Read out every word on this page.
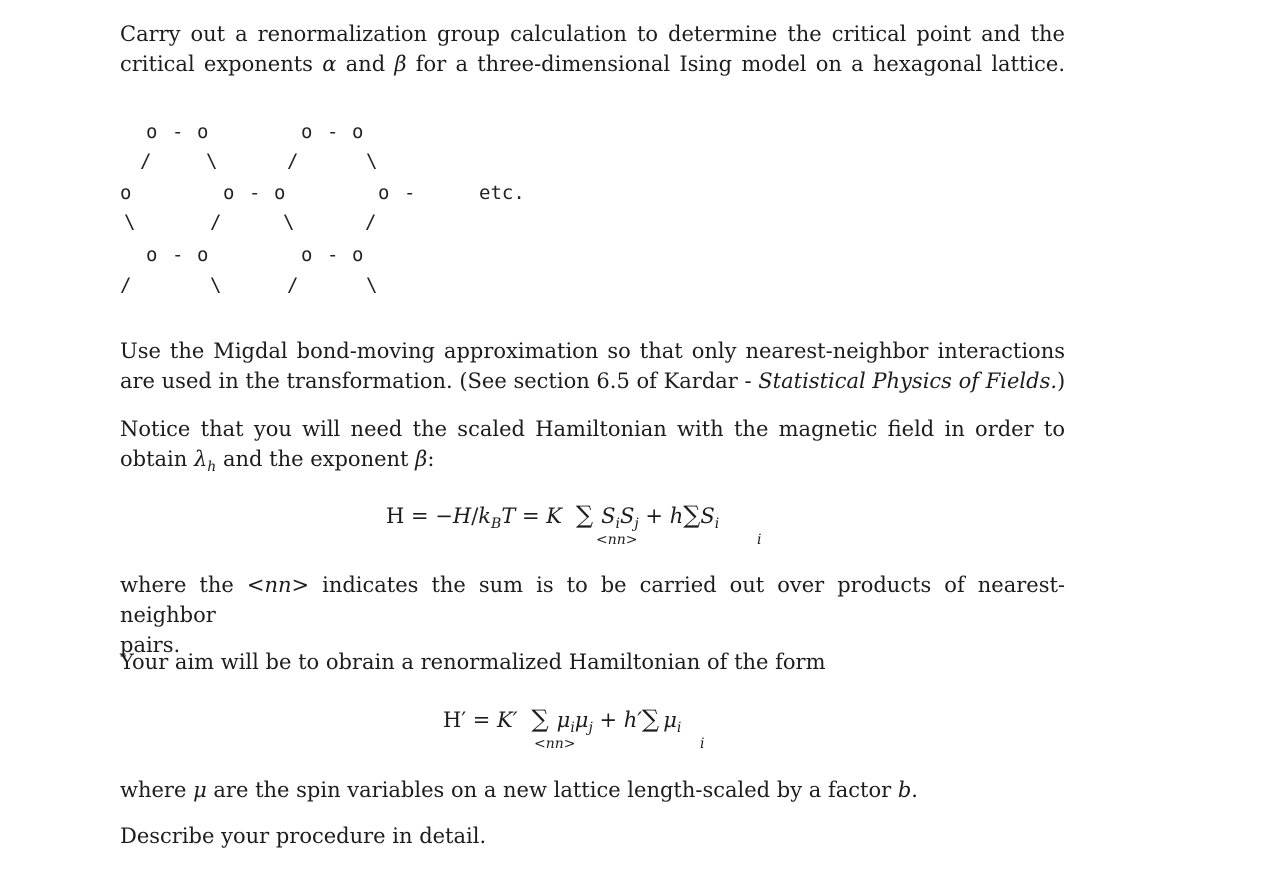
Carry out a renormalization group calculation to determine the critical point and the
critical exponents α and β for a three-dimensional Ising model on a hexagonal lattice.
o - o	o - o
/	\	/	\
o	o - o	o -	etc.
\	/	\	/
o - o	o - o
/	\	/	\
Use the Migdal bond-moving approximation so that only nearest-neighbor interactions
are used in the transformation. (See section 6.5 of Kardar - Statistical Physics of Fields.)
Notice that you will need the scaled Hamiltonian with the magnetic field in order to
obtain $\lambda_h$ and the exponent β:
$H = -H/k_BT = K$ ∑ $S_iS_j + h\sum S_i$
<nn>	i
where the <nn> indicates the sum is to be carried out over products of nearest-neighbor
pairs.
Your aim will be to obrain a renormalized Hamiltonian of the form
H′ = K′ ∑ $\mu_i\mu_j + h'\sum$ $\mu_i$
<nn>	i
where μ are the spin variables on a new lattice length-scaled by a factor b.
Describe your procedure in detail.
